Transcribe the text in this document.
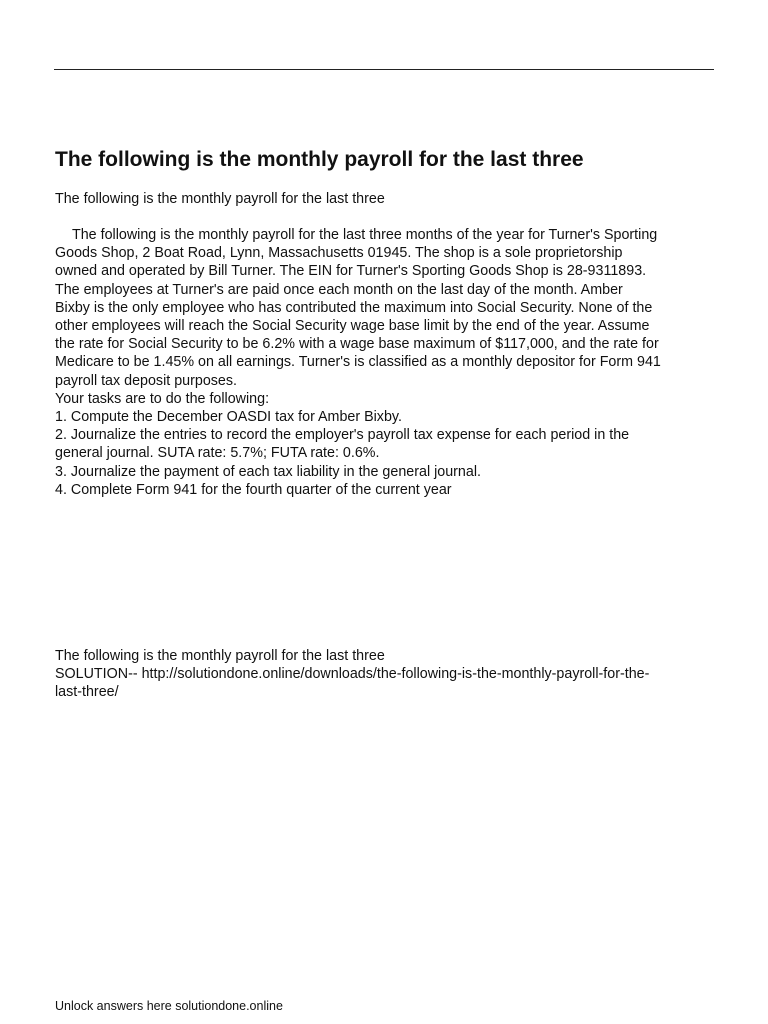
The following is the monthly payroll for the last three
The following is the monthly payroll for the last three
The following is the monthly payroll for the last three months of the year for Turner's Sporting
Goods Shop, 2 Boat Road, Lynn, Massachusetts 01945. The shop is a sole proprietorship
owned and operated by Bill Turner. The EIN for Turner's Sporting Goods Shop is 28-9311893.
The employees at Turner's are paid once each month on the last day of the month. Amber
Bixby is the only employee who has contributed the maximum into Social Security. None of the
other employees will reach the Social Security wage base limit by the end of the year. Assume
the rate for Social Security to be 6.2% with a wage base maximum of $117,000, and the rate for
Medicare to be 1.45% on all earnings. Turner's is classified as a monthly depositor for Form 941
payroll tax deposit purposes.
Your tasks are to do the following:
1. Compute the December OASDI tax for Amber Bixby.
2. Journalize the entries to record the employer's payroll tax expense for each period in the
general journal. SUTA rate: 5.7%; FUTA rate: 0.6%.
3. Journalize the payment of each tax liability in the general journal.
4. Complete Form 941 for the fourth quarter of the current year
The following is the monthly payroll for the last three
SOLUTION-- http://solutiondone.online/downloads/the-following-is-the-monthly-payroll-for-the-
last-three/
Unlock answers here solutiondone.online
